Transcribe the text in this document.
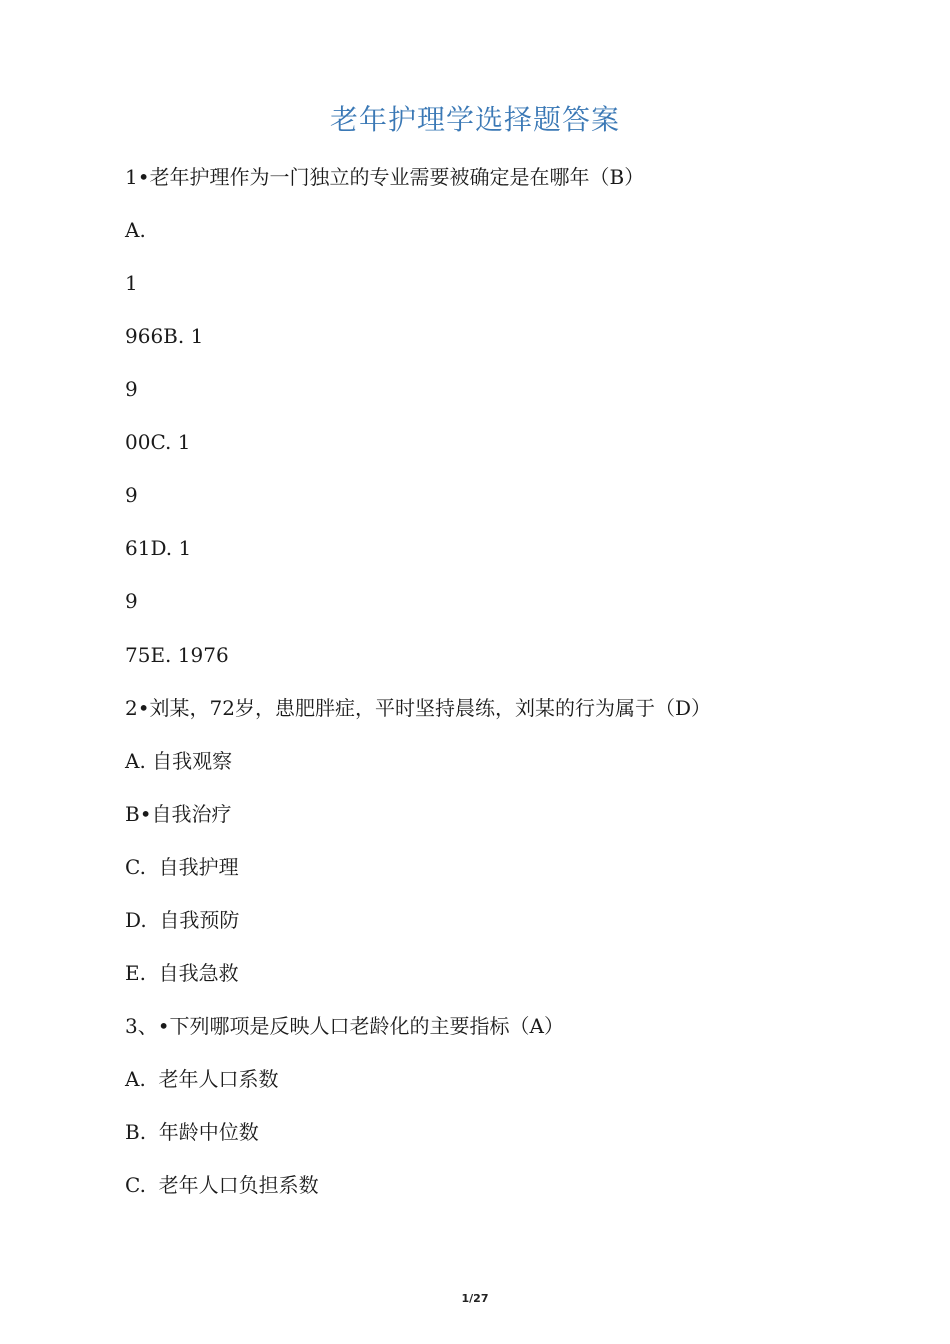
老年护理学选择题答案
1•老年护理作为一门独立的专业需要被确定是在哪年（B）
A.
1
966B. 1
9
00C. 1
9
61D. 1
9
75E. 1976
2•刘某，72岁，患肥胖症，平时坚持晨练，刘某的行为属于（D）
A. 自我观察
B•自我治疗
C.  自我护理
D.  自我预防
E.  自我急救
3、•下列哪项是反映人口老龄化的主要指标（A）
A.  老年人口系数
B.  年龄中位数
C.  老年人口负担系数
1/27
